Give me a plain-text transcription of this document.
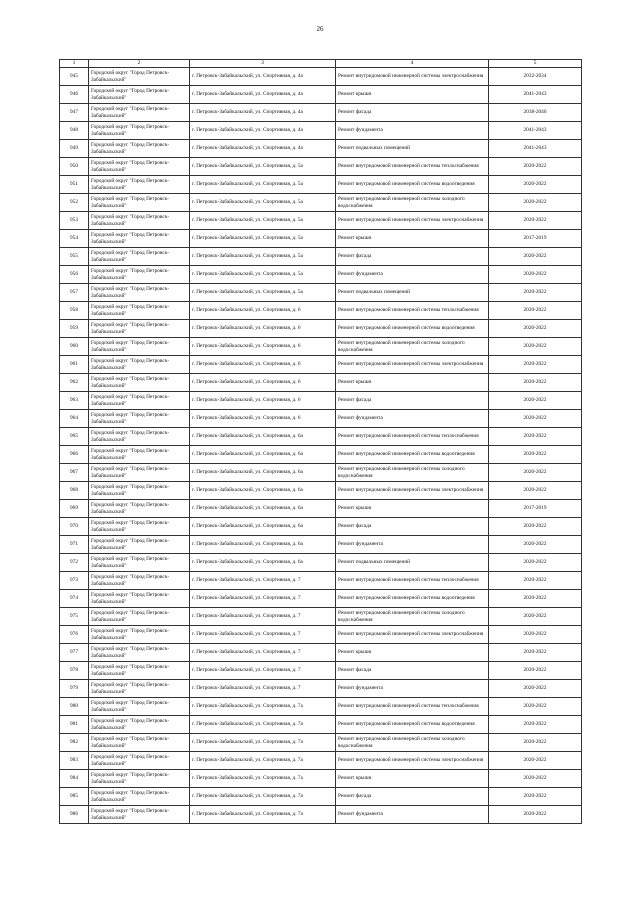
26
1	2	3	4	5
945	Городской округ "Город Петровск-Забайкальский"	г. Петровск-Забайкальский, ул. Спортивная, д. 4а	Ремонт внутридомовой инженерной системы электроснабжения	2032-2034
946	Городской округ "Город Петровск-Забайкальский"	г. Петровск-Забайкальский, ул. Спортивная, д. 4а	Ремонт крыши	2041-2043
947	Городской округ "Город Петровск-Забайкальский"	г. Петровск-Забайкальский, ул. Спортивная, д. 4а	Ремонт фасада	2038-2040
948	Городской округ "Город Петровск-Забайкальский"	г. Петровск-Забайкальский, ул. Спортивная, д. 4а	Ремонт фундамента	2041-2043
949	Городской округ "Город Петровск-Забайкальский"	г. Петровск-Забайкальский, ул. Спортивная, д. 4а	Ремонт подвальных помещений	2041-2043
950	Городской округ "Город Петровск-Забайкальский"	г. Петровск-Забайкальский, ул. Спортивная, д. 5а	Ремонт внутридомовой инженерной системы теплоснабжения	2020-2022
951	Городской округ "Город Петровск-Забайкальский"	г. Петровск-Забайкальский, ул. Спортивная, д. 5а	Ремонт внутридомовой инженерной системы водоотведения	2020-2022
952	Городской округ "Город Петровск-Забайкальский"	г. Петровск-Забайкальский, ул. Спортивная, д. 5а	Ремонт внутридомовой инженерной системы холодного водоснабжения	2020-2022
953	Городской округ "Город Петровск-Забайкальский"	г. Петровск-Забайкальский, ул. Спортивная, д. 5а	Ремонт внутридомовой инженерной системы электроснабжения	2020-2022
954	Городской округ "Город Петровск-Забайкальский"	г. Петровск-Забайкальский, ул. Спортивная, д. 5а	Ремонт крыши	2017-2019
955	Городской округ "Город Петровск-Забайкальский"	г. Петровск-Забайкальский, ул. Спортивная, д. 5а	Ремонт фасада	2020-2022
956	Городской округ "Город Петровск-Забайкальский"	г. Петровск-Забайкальский, ул. Спортивная, д. 5а	Ремонт фундамента	2020-2022
957	Городской округ "Город Петровск-Забайкальский"	г. Петровск-Забайкальский, ул. Спортивная, д. 5а	Ремонт подвальных помещений	2020-2022
958	Городской округ "Город Петровск-Забайкальский"	г. Петровск-Забайкальский, ул. Спортивная, д. 6	Ремонт внутридомовой инженерной системы теплоснабжения	2020-2022
959	Городской округ "Город Петровск-Забайкальский"	г. Петровск-Забайкальский, ул. Спортивная, д. 6	Ремонт внутридомовой инженерной системы водоотведения	2020-2022
960	Городской округ "Город Петровск-Забайкальский"	г. Петровск-Забайкальский, ул. Спортивная, д. 6	Ремонт внутридомовой инженерной системы холодного водоснабжения	2020-2022
961	Городской округ "Город Петровск-Забайкальский"	г. Петровск-Забайкальский, ул. Спортивная, д. 6	Ремонт внутридомовой инженерной системы электроснабжения	2020-2022
962	Городской округ "Город Петровск-Забайкальский"	г. Петровск-Забайкальский, ул. Спортивная, д. 6	Ремонт крыши	2020-2022
963	Городской округ "Город Петровск-Забайкальский"	г. Петровск-Забайкальский, ул. Спортивная, д. 6	Ремонт фасада	2020-2022
964	Городской округ "Город Петровск-Забайкальский"	г. Петровск-Забайкальский, ул. Спортивная, д. 6	Ремонт фундамента	2020-2022
965	Городской округ "Город Петровск-Забайкальский"	г. Петровск-Забайкальский, ул. Спортивная, д. 6а	Ремонт внутридомовой инженерной системы теплоснабжения	2020-2022
966	Городской округ "Город Петровск-Забайкальский"	г. Петровск-Забайкальский, ул. Спортивная, д. 6а	Ремонт внутридомовой инженерной системы водоотведения	2020-2022
967	Городской округ "Город Петровск-Забайкальский"	г. Петровск-Забайкальский, ул. Спортивная, д. 6а	Ремонт внутридомовой инженерной системы холодного водоснабжения	2020-2022
968	Городской округ "Город Петровск-Забайкальский"	г. Петровск-Забайкальский, ул. Спортивная, д. 6а	Ремонт внутридомовой инженерной системы электроснабжения	2020-2022
969	Городской округ "Город Петровск-Забайкальский"	г. Петровск-Забайкальский, ул. Спортивная, д. 6а	Ремонт крыши	2017-2019
970	Городской округ "Город Петровск-Забайкальский"	г. Петровск-Забайкальский, ул. Спортивная, д. 6а	Ремонт фасада	2020-2022
971	Городской округ "Город Петровск-Забайкальский"	г. Петровск-Забайкальский, ул. Спортивная, д. 6а	Ремонт фундамента	2020-2022
972	Городской округ "Город Петровск-Забайкальский"	г. Петровск-Забайкальский, ул. Спортивная, д. 6а	Ремонт подвальных помещений	2020-2022
973	Городской округ "Город Петровск-Забайкальский"	г. Петровск-Забайкальский, ул. Спортивная, д. 7	Ремонт внутридомовой инженерной системы теплоснабжения	2020-2022
974	Городской округ "Город Петровск-Забайкальский"	г. Петровск-Забайкальский, ул. Спортивная, д. 7	Ремонт внутридомовой инженерной системы водоотведения	2020-2022
975	Городской округ "Город Петровск-Забайкальский"	г. Петровск-Забайкальский, ул. Спортивная, д. 7	Ремонт внутридомовой инженерной системы холодного водоснабжения	2020-2022
976	Городской округ "Город Петровск-Забайкальский"	г. Петровск-Забайкальский, ул. Спортивная, д. 7	Ремонт внутридомовой инженерной системы электроснабжения	2020-2022
977	Городской округ "Город Петровск-Забайкальский"	г. Петровск-Забайкальский, ул. Спортивная, д. 7	Ремонт крыши	2020-2022
978	Городской округ "Город Петровск-Забайкальский"	г. Петровск-Забайкальский, ул. Спортивная, д. 7	Ремонт фасада	2020-2022
979	Городской округ "Город Петровск-Забайкальский"	г. Петровск-Забайкальский, ул. Спортивная, д. 7	Ремонт фундамента	2020-2022
980	Городской округ "Город Петровск-Забайкальский"	г. Петровск-Забайкальский, ул. Спортивная, д. 7а	Ремонт внутридомовой инженерной системы теплоснабжения	2020-2022
981	Городской округ "Город Петровск-Забайкальский"	г. Петровск-Забайкальский, ул. Спортивная, д. 7а	Ремонт внутридомовой инженерной системы водоотведения	2020-2022
982	Городской округ "Город Петровск-Забайкальский"	г. Петровск-Забайкальский, ул. Спортивная, д. 7а	Ремонт внутридомовой инженерной системы холодного водоснабжения	2020-2022
983	Городской округ "Город Петровск-Забайкальский"	г. Петровск-Забайкальский, ул. Спортивная, д. 7а	Ремонт внутридомовой инженерной системы электроснабжения	2020-2022
984	Городской округ "Город Петровск-Забайкальский"	г. Петровск-Забайкальский, ул. Спортивная, д. 7а	Ремонт крыши	2020-2022
985	Городской округ "Город Петровск-Забайкальский"	г. Петровск-Забайкальский, ул. Спортивная, д. 7а	Ремонт фасада	2020-2022
986	Городской округ "Город Петровск-Забайкальский"	г. Петровск-Забайкальский, ул. Спортивная, д. 7а	Ремонт фундамента	2020-2022
